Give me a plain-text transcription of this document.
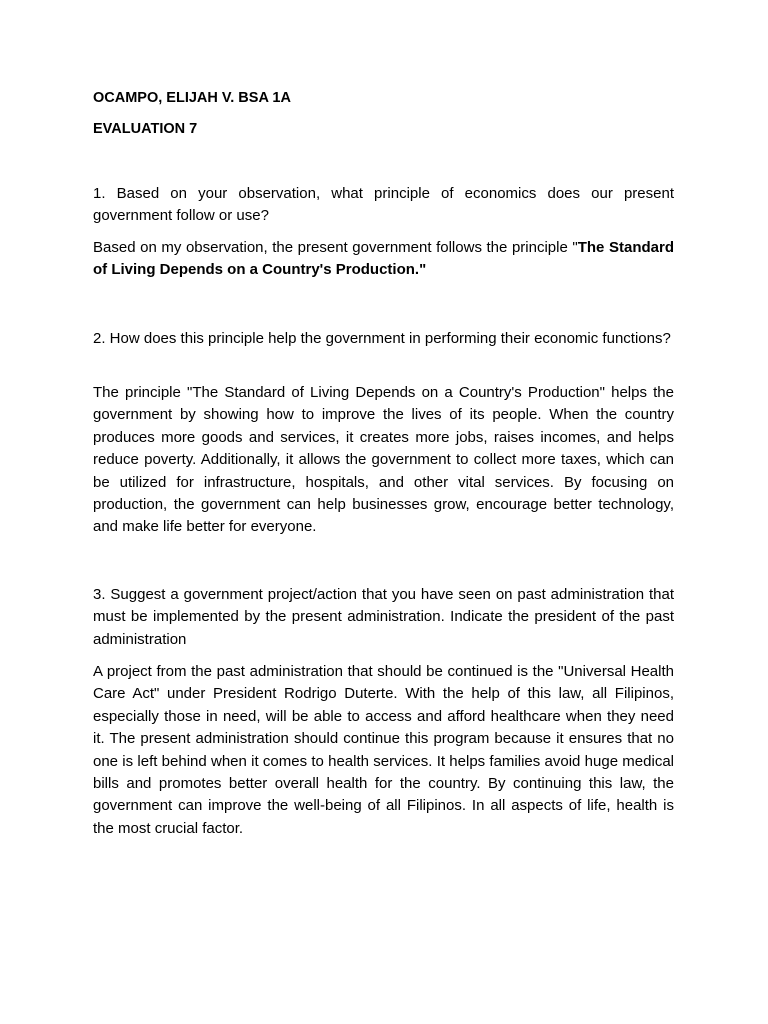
OCAMPO, ELIJAH V. BSA 1A
EVALUATION 7
1. Based on your observation, what principle of economics does our present government follow or use?
Based on my observation, the present government follows the principle "The Standard of Living Depends on a Country's Production."
2. How does this principle help the government in performing their economic functions?
The principle "The Standard of Living Depends on a Country's Production" helps the government by showing how to improve the lives of its people. When the country produces more goods and services, it creates more jobs, raises incomes, and helps reduce poverty. Additionally, it allows the government to collect more taxes, which can be utilized for infrastructure, hospitals, and other vital services. By focusing on production, the government can help businesses grow, encourage better technology, and make life better for everyone.
3. Suggest a government project/action that you have seen on past administration that must be implemented by the present administration. Indicate the president of the past administration
A project from the past administration that should be continued is the "Universal Health Care Act" under President Rodrigo Duterte. With the help of this law, all Filipinos, especially those in need, will be able to access and afford healthcare when they need it. The present administration should continue this program because it ensures that no one is left behind when it comes to health services. It helps families avoid huge medical bills and promotes better overall health for the country. By continuing this law, the government can improve the well-being of all Filipinos. In all aspects of life, health is the most crucial factor.
